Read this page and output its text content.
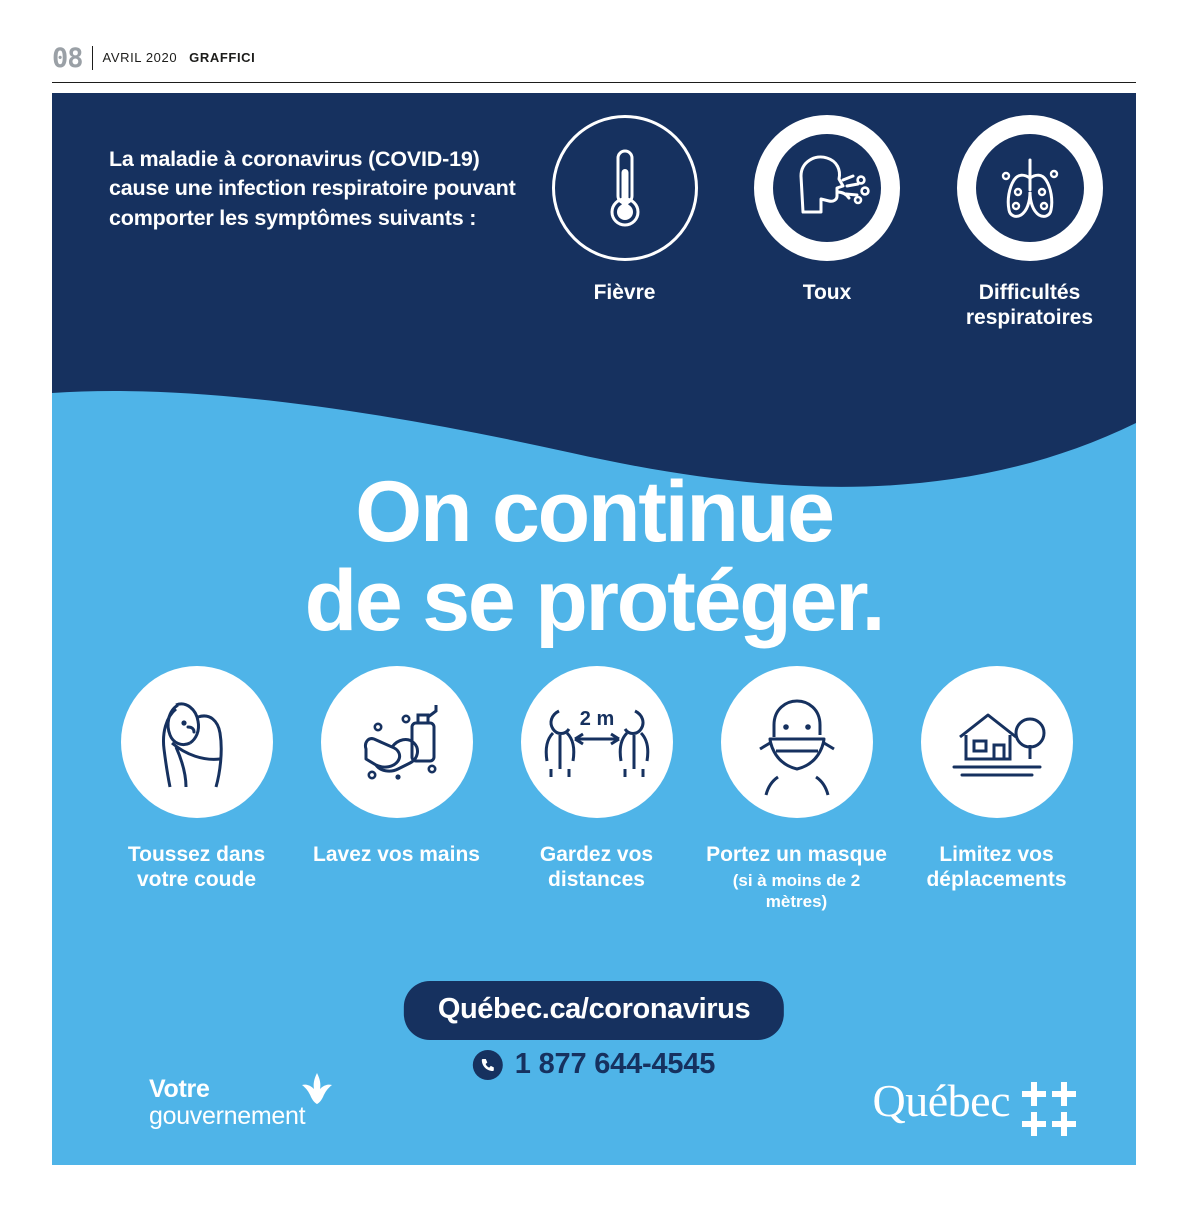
08 AVRIL 2020 GRAFFICI
La maladie à coronavirus (COVID-19) cause une infection respiratoire pouvant comporter les symptômes suivants :
Fièvre	Toux	Difficultés respiratoires
On continue
de se protéger.
Toussez dans votre coude
Lavez vos mains
2 m
Gardez vos distances
Portez un masque
(si à moins de 2 mètres)
Limitez vos déplacements
Québec.ca/coronavirus
1 877 644-4545
Votre
gouvernement	Québec
